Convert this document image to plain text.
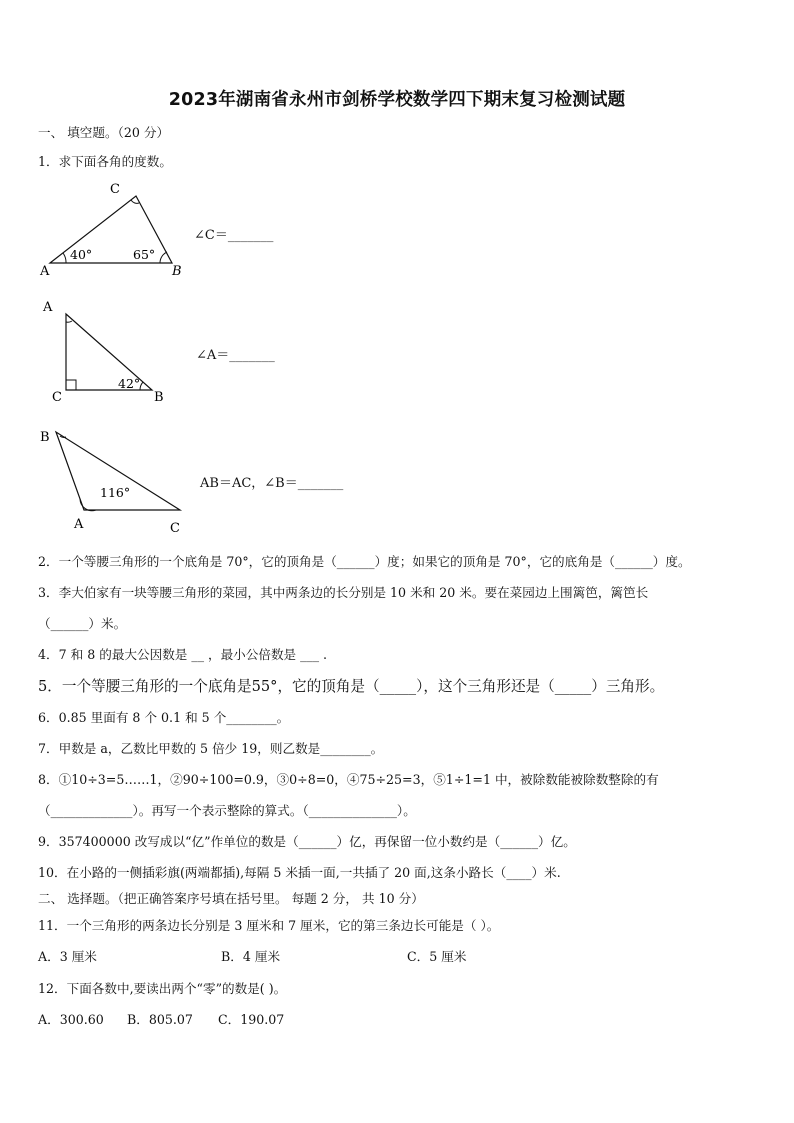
2023年湖南省永州市剑桥学校数学四下期末复习检测试题
一、 填空题。（20 分）
1．求下面各角的度数。
C
A	B
40°	65°
∠C＝_______
A
C	B
42°
∠A＝_______
B
A	C
116°
AB＝AC，∠B＝_______
2．一个等腰三角形的一个底角是 70°，它的顶角是（______）度；如果它的顶角是 70°，它的底角是（______）度。
3．李大伯家有一块等腰三角形的菜园，其中两条边的长分别是 10 米和 20 米。要在菜园边上围篱笆，篱笆长
（______）米。
4．7 和 8 的最大公因数是 __ ，最小公倍数是 ___ .
5．一个等腰三角形的一个底角是55°，它的顶角是（_____），这个三角形还是（_____）三角形。
6．0.85 里面有 8 个 0.1 和 5 个________。
7．甲数是 a，乙数比甲数的 5 倍少 19，则乙数是________。
8．①10÷3=5……1，②90÷100=0.9，③0÷8=0，④75÷25=3，⑤1÷1=1 中，被除数能被除数整除的有
（_____________）。再写一个表示整除的算式。（______________）。
9．357400000 改写成以“亿”作单位的数是（______）亿，再保留一位小数约是（______）亿。
10．在小路的一侧插彩旗(两端都插),每隔 5 米插一面,一共插了 20 面,这条小路长（____）米.
二、 选择题。（把正确答案序号填在括号里。 每题 2 分， 共 10 分）
11．一个三角形的两条边长分别是 3 厘米和 7 厘米，它的第三条边长可能是（ ）。
A．3 厘米	B．4 厘米	C．5 厘米
12．下面各数中,要读出两个“零”的数是( )。
A．300.60 B．805.07 C．190.07
